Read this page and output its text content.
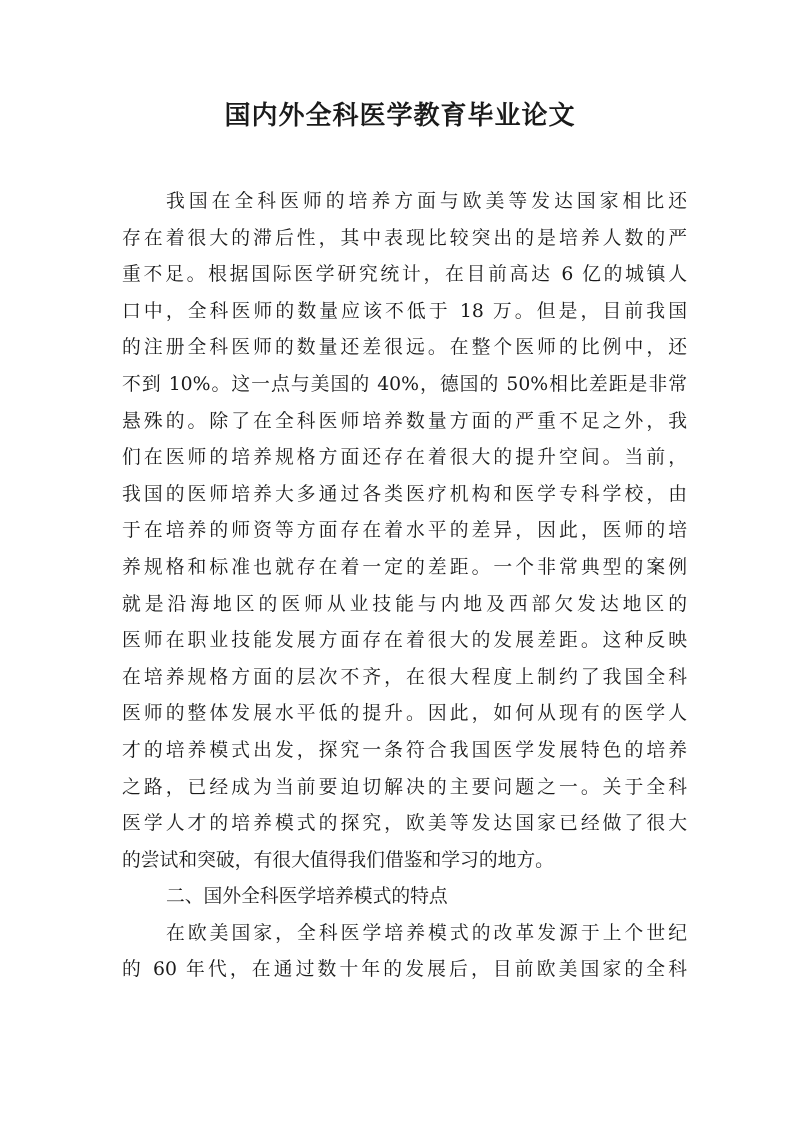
国内外全科医学教育毕业论文
我国在全科医师的培养方面与欧美等发达国家相比还
存在着很大的滞后性，其中表现比较突出的是培养人数的严
重不足。根据国际医学研究统计，在目前高达 6 亿的城镇人
口中，全科医师的数量应该不低于 18 万。但是，目前我国
的注册全科医师的数量还差很远。在整个医师的比例中，还
不到 10%。这一点与美国的 40%，德国的 50%相比差距是非常
悬殊的。除了在全科医师培养数量方面的严重不足之外，我
们在医师的培养规格方面还存在着很大的提升空间。当前，
我国的医师培养大多通过各类医疗机构和医学专科学校，由
于在培养的师资等方面存在着水平的差异，因此，医师的培
养规格和标准也就存在着一定的差距。一个非常典型的案例
就是沿海地区的医师从业技能与内地及西部欠发达地区的
医师在职业技能发展方面存在着很大的发展差距。这种反映
在培养规格方面的层次不齐，在很大程度上制约了我国全科
医师的整体发展水平低的提升。因此，如何从现有的医学人
才的培养模式出发，探究一条符合我国医学发展特色的培养
之路，已经成为当前要迫切解决的主要问题之一。关于全科
医学人才的培养模式的探究，欧美等发达国家已经做了很大
的尝试和突破，有很大值得我们借鉴和学习的地方。
二、国外全科医学培养模式的特点
在欧美国家，全科医学培养模式的改革发源于上个世纪
的 60 年代，在通过数十年的发展后，目前欧美国家的全科
